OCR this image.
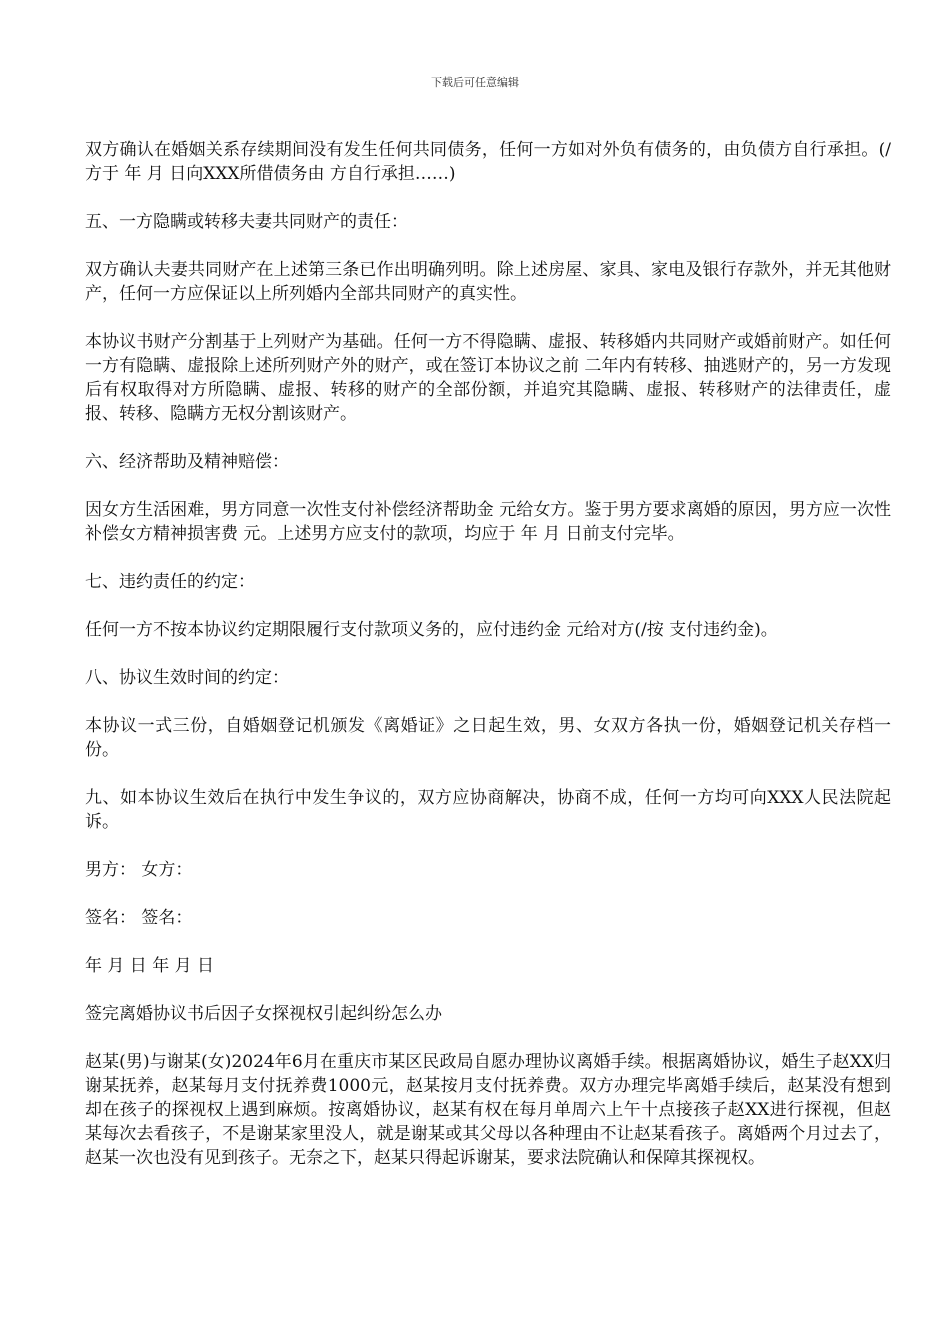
下载后可任意编辑

双方确认在婚姻关系存续期间没有发生任何共同债务，任何一方如对外负有债务的，由负债方自行承担。(/ 方于 年 月 日向XXX所借债务由 方自行承担……)

五、一方隐瞒或转移夫妻共同财产的责任：

双方确认夫妻共同财产在上述第三条已作出明确列明。除上述房屋、家具、家电及银行存款外，并无其他财产，任何一方应保证以上所列婚内全部共同财产的真实性。

本协议书财产分割基于上列财产为基础。任何一方不得隐瞒、虚报、转移婚内共同财产或婚前财产。如任何一方有隐瞒、虚报除上述所列财产外的财产，或在签订本协议之前 二年内有转移、抽逃财产的，另一方发现后有权取得对方所隐瞒、虚报、转移的财产的全部份额，并追究其隐瞒、虚报、转移财产的法律责任，虚报、转移、隐瞒方无权分割该财产。

六、经济帮助及精神赔偿：

因女方生活困难，男方同意一次性支付补偿经济帮助金 元给女方。鉴于男方要求离婚的原因，男方应一次性补偿女方精神损害费 元。上述男方应支付的款项，均应于 年 月 日前支付完毕。

七、违约责任的约定：

任何一方不按本协议约定期限履行支付款项义务的，应付违约金 元给对方(/按 支付违约金)。

八、协议生效时间的约定：

本协议一式三份，自婚姻登记机颁发《离婚证》之日起生效，男、女双方各执一份，婚姻登记机关存档一份。

九、如本协议生效后在执行中发生争议的，双方应协商解决，协商不成，任何一方均可向XXX人民法院起诉。

男方： 女方：

签名： 签名：

年 月 日 年 月 日

签完离婚协议书后因子女探视权引起纠纷怎么办

赵某(男)与谢某(女)2024年6月在重庆市某区民政局自愿办理协议离婚手续。根据离婚协议，婚生子赵XX归谢某抚养，赵某每月支付抚养费1000元，赵某按月支付抚养费。双方办理完毕离婚手续后，赵某没有想到却在孩子的探视权上遇到麻烦。按离婚协议，赵某有权在每月单周六上午十点接孩子赵XX进行探视，但赵某每次去看孩子，不是谢某家里没人，就是谢某或其父母以各种理由不让赵某看孩子。离婚两个月过去了，赵某一次也没有见到孩子。无奈之下，赵某只得起诉谢某，要求法院确认和保障其探视权。
